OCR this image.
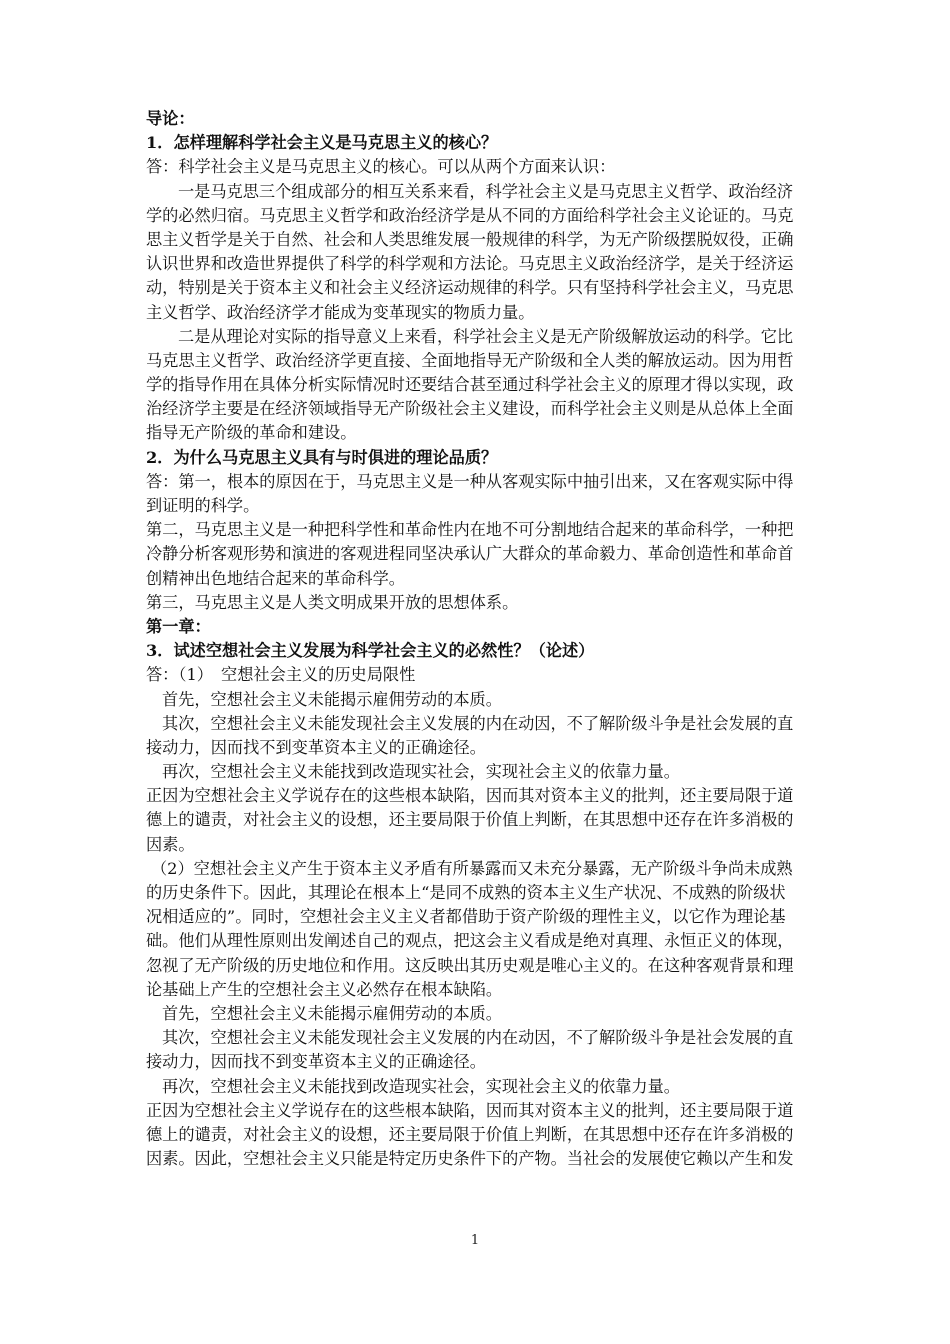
导论：
1．怎样理解科学社会主义是马克思主义的核心？
答：科学社会主义是马克思主义的核心。可以从两个方面来认识：
一是马克思三个组成部分的相互关系来看，科学社会主义是马克思主义哲学、政治经济
学的必然归宿。马克思主义哲学和政治经济学是从不同的方面给科学社会主义论证的。马克
思主义哲学是关于自然、社会和人类思维发展一般规律的科学，为无产阶级摆脱奴役，正确
认识世界和改造世界提供了科学的科学观和方法论。马克思主义政治经济学，是关于经济运
动，特别是关于资本主义和社会主义经济运动规律的科学。只有坚持科学社会主义，马克思
主义哲学、政治经济学才能成为变革现实的物质力量。
二是从理论对实际的指导意义上来看，科学社会主义是无产阶级解放运动的科学。它比
马克思主义哲学、政治经济学更直接、全面地指导无产阶级和全人类的解放运动。因为用哲
学的指导作用在具体分析实际情况时还要结合甚至通过科学社会主义的原理才得以实现，政
治经济学主要是在经济领域指导无产阶级社会主义建设，而科学社会主义则是从总体上全面
指导无产阶级的革命和建设。
2．为什么马克思主义具有与时俱进的理论品质？
答：第一，根本的原因在于，马克思主义是一种从客观实际中抽引出来，又在客观实际中得
到证明的科学。
第二，马克思主义是一种把科学性和革命性内在地不可分割地结合起来的革命科学，一种把
冷静分析客观形势和演进的客观进程同坚决承认广大群众的革命毅力、革命创造性和革命首
创精神出色地结合起来的革命科学。
第三，马克思主义是人类文明成果开放的思想体系。
第一章：
3．试述空想社会主义发展为科学社会主义的必然性？（论述）
答：（1）　空想社会主义的历史局限性
首先，空想社会主义未能揭示雇佣劳动的本质。
其次，空想社会主义未能发现社会主义发展的内在动因，不了解阶级斗争是社会发展的直
接动力，因而找不到变革资本主义的正确途径。
再次，空想社会主义未能找到改造现实社会，实现社会主义的依靠力量。
正因为空想社会主义学说存在的这些根本缺陷，因而其对资本主义的批判，还主要局限于道
德上的谴责，对社会主义的设想，还主要局限于价值上判断，在其思想中还存在许多消极的
因素。
（2）空想社会主义产生于资本主义矛盾有所暴露而又未充分暴露，无产阶级斗争尚未成熟
的历史条件下。因此，其理论在根本上“是同不成熟的资本主义生产状况、不成熟的阶级状
况相适应的”。同时，空想社会主义主义者都借助于资产阶级的理性主义，以它作为理论基
础。他们从理性原则出发阐述自己的观点，把这会主义看成是绝对真理、永恒正义的体现，
忽视了无产阶级的历史地位和作用。这反映出其历史观是唯心主义的。在这种客观背景和理
论基础上产生的空想社会主义必然存在根本缺陷。
首先，空想社会主义未能揭示雇佣劳动的本质。
其次，空想社会主义未能发现社会主义发展的内在动因，不了解阶级斗争是社会发展的直
接动力，因而找不到变革资本主义的正确途径。
再次，空想社会主义未能找到改造现实社会，实现社会主义的依靠力量。
正因为空想社会主义学说存在的这些根本缺陷，因而其对资本主义的批判，还主要局限于道
德上的谴责，对社会主义的设想，还主要局限于价值上判断，在其思想中还存在许多消极的
因素。因此，空想社会主义只能是特定历史条件下的产物。当社会的发展使它赖以产生和发
1
